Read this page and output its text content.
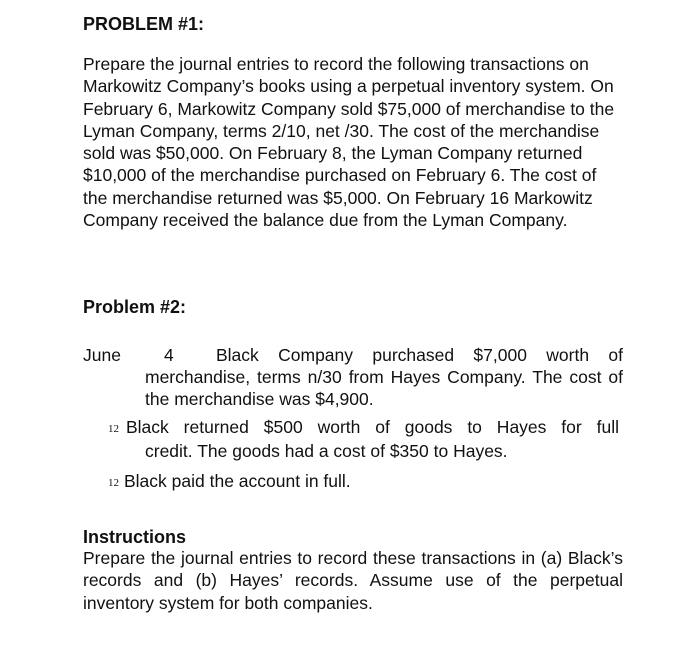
PROBLEM #1:
Prepare the journal entries to record the following transactions on Markowitz Company’s books using a perpetual inventory system. On February 6, Markowitz Company sold $75,000 of merchandise to the Lyman Company, terms 2/10, net /30. The cost of the merchandise sold was $50,000. On February 8, the Lyman Company returned $10,000 of the merchandise purchased on February 6. The cost of the merchandise returned was $5,000. On February 16 Markowitz Company received the balance due from the Lyman Company.
Problem #2:
June 4 Black Company purchased $7,000 worth of
merchandise, terms n/30 from Hayes Company. The cost of the merchandise was $4,900.
12 Black returned $500 worth of goods to Hayes for full
credit. The goods had a cost of $350 to Hayes.
12 Black paid the account in full.
Instructions
Prepare the journal entries to record these transactions in (a) Black’s records and (b) Hayes’ records. Assume use of the perpetual inventory system for both companies.
